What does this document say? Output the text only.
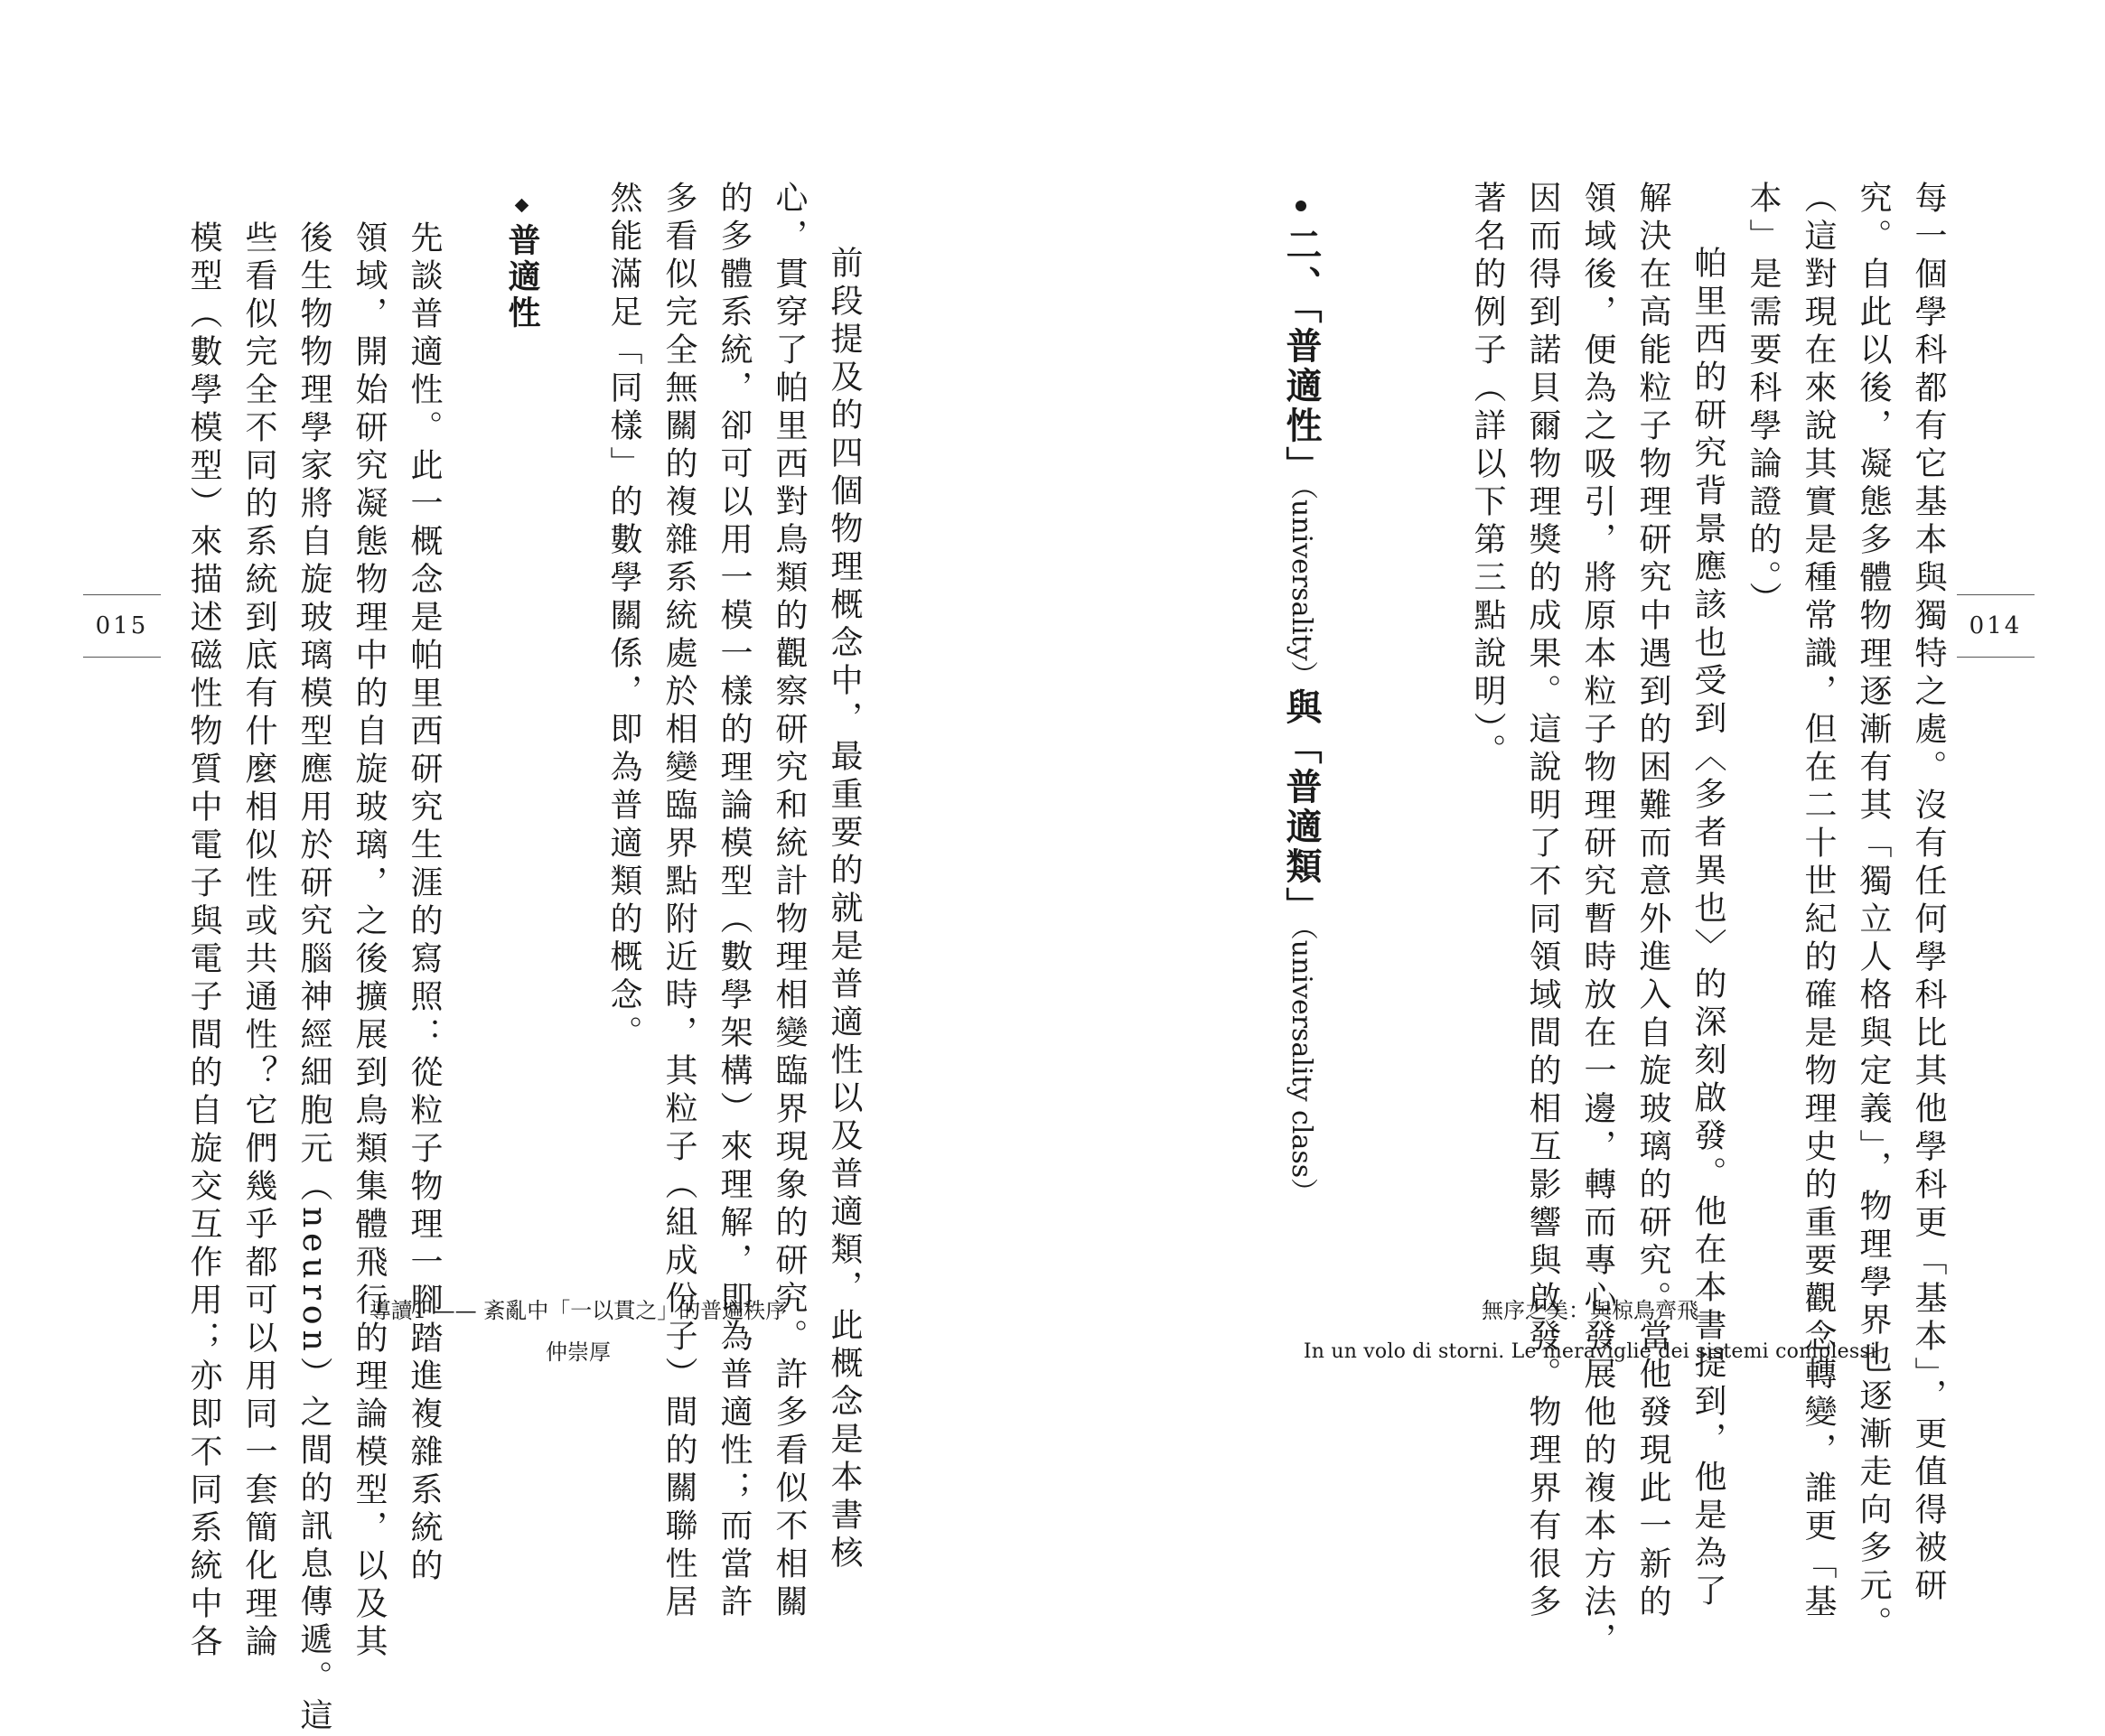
每一個學科都有它基本與獨特之處。沒有任何學科比其他學科更「基本」，更值得被研
究。自此以後，凝態多體物理逐漸有其「獨立人格與定義」，物理學界也逐漸走向多元。
（這對現在來說其實是種常識，但在二十世紀的確是物理史的重要觀念轉變，誰更「基
本」是需要科學論證的。）
帕里西的研究背景應該也受到〈多者異也〉的深刻啟發。他在本書提到，他是為了
解決在高能粒子物理研究中遇到的困難而意外進入自旋玻璃的研究。當他發現此一新的
領域後，便為之吸引，將原本粒子物理研究暫時放在一邊，轉而專心發展他的複本方法，
因而得到諾貝爾物理獎的成果。這說明了不同領域間的相互影響與啟發。物理界有很多
著名的例子（詳以下第三點說明）。
二、「普適性」（universality）與「普適類」（universality class）
014
無序之美：與椋鳥齊飛
In un volo di storni. Le meraviglie dei sistemi complessi
前段提及的四個物理概念中，最重要的就是普適性以及普適類，此概念是本書核
心，貫穿了帕里西對鳥類的觀察研究和統計物理相變臨界現象的研究。許多看似不相關
的多體系統，卻可以用一模一樣的理論模型（數學架構）來理解，即為普適性；而當許
多看似完全無關的複雜系統處於相變臨界點附近時，其粒子（組成份子）間的關聯性居
然能滿足「同樣」的數學關係，即為普適類的概念。
普適性
先談普適性。此一概念是帕里西研究生涯的寫照：從粒子物理一腳踏進複雜系統的
領域，開始研究凝態物理中的自旋玻璃，之後擴展到鳥類集體飛行的理論模型，以及其
後生物物理學家將自旋玻璃模型應用於研究腦神經細胞元（neuron）之間的訊息傳遞。這
些看似完全不同的系統到底有什麼相似性或共通性？它們幾乎都可以用同一套簡化理論
模型（數學模型）來描述磁性物質中電子與電子間的自旋交互作用；亦即不同系統中各
015
導讀1 —— 紊亂中「一以貫之」的普遍秩序
仲崇厚
